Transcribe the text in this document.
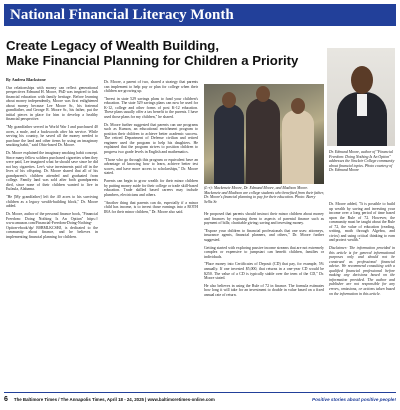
National Financial Literacy Month
Create Legacy of Wealth Building,
Make Financial Planning for Children a Priority
By Andrea Blackstone

Our relationships with money can reflect generational perspectives Edmund H. Moore, PhD was inspired to link financial education with family heritage. Before learning about money independently, Moore was first enlightened about money because Lee Moore Sr., his fraternal grandfather, and George R. Moore Sr., his father, put the initial pieces in place for him to develop a healthy financial perspective.

"My grandfather served in World War I and purchased 40 acres, a mule, and a backwoods after his service. While serving his country, he saved all the money needed to purchase the land and other items by using an imaginary smoking habit," said Ohio-based Dr. Moore.

Dr. Moore explained the imaginary smoking habit concept. Since many fellow soldiers purchased cigarettes when they were paid, Lee imagined what he should save since he did not buy cigarettes. Lee's wise investments paid off in the lives of his offspring. Dr. Moore shared that all of his grandparent's children attended and graduated from college. Family land was sold after both grandparents died, since none of their children wanted to live in Eufaula, Alabama.

"He [My grandfather] left the 40 acres to his surviving children as a legacy wealth-building block," Dr. Moore added.

Dr. Moore, author of the personal finance book, "Financial Freedom: Doing Nothing Is An Option" https:// www.amazon.com/Financial-Freedom-Doing-Nothing-Option-ebook/dp/ B0BMLKCSHJ, is dedicated to the community about finance, and he believes in implementing financial planning for children.

Dr. Moore, a parent of two, shared a strategy that parents can implement to help pay or plan for college when their children are growing up.

"Invest in state 529 savings plans to fund your children's education. The state 529 savings plans can now be used for K-12, college and other forms of post K-12 education. These plans usually offer a tax benefit to the parents. I have used those plans for my children," he shared.

Dr. Moore further suggested that parents can use programs such as Kumon, an educational enrichment program to position their children to achieve better academic success. The retired Department of Defense civilian and retired engineer used the program to help his daughters. He explained that the program strives to position children to progress two grade levels in English and mathematics.

"Those who go through this program or equivalent have an advantage of knowing how to learn, achieve better test scores, and have more access to scholarships," Dr. Moore stated.

Parents can begin to grow wealth for their minor children by putting money aside for their college or trade skill-based education. Trade skilled based careers may include plumbers, electricians and others.

"Another thing that parents can do, especially if a minor child has income, is to invest those earnings into a ROTH IRA for their minor children," Dr. Moore also said.

(L-r): Mackenzie Moore, Dr. Edmund Moore, and Madison Moore. Mackenzie and Madison are college students who benefited from their father, Dr. Moore's financial planning to pay for their education. Photo: Barry Sellis Sr.

He proposed that parents should instruct their minor children about money and finances by exposing them to aspects of parental finance such as payment of bills; charitable giving; saving and investing money.

"Expose your children to financial professionals that one uses: attorneys, insurance agents, financial planners, and others," Dr. Moore further suggested.

Getting started with exploring passive income streams that are not extremely complex or expensive to jumpstart can benefit children, families or individuals.

"Place money into Certificates of Deposit (CD) that pay, for example, 5% annually. If one invested $5,000, that returns in a one-year CD would be $250. The value of a CD is typically stable over the term of the CD," Dr. Moore stated.

He also believes in using the Rule of 72 in finance. The formula estimates how long it will take for an investment to double in value based on a fixed annual rate of return.

Dr. Edmund Moore, author of "Financial Freedom: Doing Nothing Is An Option" addresses the Sinclair College community about financial topics. Photo courtesy of Dr. Edmund Moore

Dr. Moore added, "It is possible to build up wealth by saving and investing your income over a long period of time based upon the Rule of 72. However, the community must be taught about the Rule of 72, the value of education (reading, writing, math through Algebra, and civics) and using critical thinking to earn and protect wealth."

Disclaimer: The information provided in this article is for general informational purposes only and should not be construed as professional financial advice. We recommend consulting with a qualified financial professional before making any decisions based on the information provided. The author and publisher are not responsible for any errors, omissions, or actions taken based on the information in this article.

6 The Baltimore Times / The Annapolis Times, April 18 - 24, 2025 | www.baltimoretimes-online.com	Positive stories about positive people!
